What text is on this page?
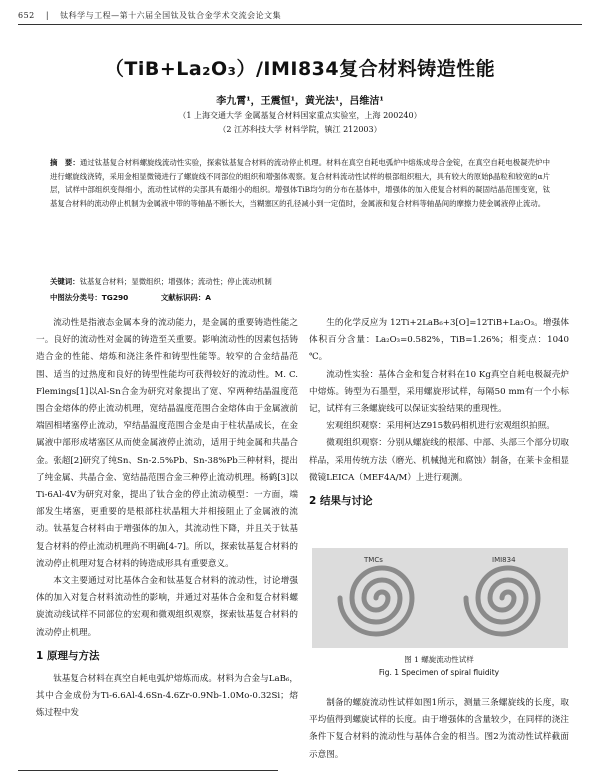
652 | 钛科学与工程—第十六届全国钛及钛合金学术交流会论文集
（TiB+La₂O₃）/IMI834复合材料铸造性能
李九霄¹，王震恒¹，黄光法¹，吕维洁¹
（1 上海交通大学 金属基复合材料国家重点实验室，上海 200240）
（2 江苏科技大学 材料学院，镇江 212003）
摘　要：通过钛基复合材料螺旋线流动性实验，探索钛基复合材料的流动停止机理。材料在真空自耗电弧炉中熔炼成母合金锭，在真空自耗电极凝壳炉中进行螺旋线浇铸，采用金相显微镜进行了螺旋线不同部位的组织和增强体观察。复合材料流动性试样的根部组织粗大，具有较大的原始β晶粒和较宽的α片层，试样中部组织变得细小，流动性试样的尖部具有最细小的组织。增强体TiB均匀的分布在基体中，增强体的加入使复合材料的凝固结晶范围变宽，钛基复合材料的流动停止机制为金属液中带的等轴晶不断长大，当糊塞区的孔径减小到一定值时，金属液和复合材料等轴晶间的摩擦力使金属液停止流动。
关键词：钛基复合材料；显微组织；增强体；流动性；停止流动机制
中图法分类号：TG290	文献标识码：A

流动性是指液态金属本身的流动能力，是金属的重要铸造性能之一。良好的流动性对金属的铸造至关重要。影响流动性的因素包括铸造合金的性能、熔炼和浇注条件和铸型性能等。较窄的合金结晶范围、适当的过热度和良好的铸型性能均可获得较好的流动性。M. C. Flemings[1]以Al-Sn合金为研究对象提出了宽、窄两种结晶温度范围合金熔体的停止流动机理，宽结晶温度范围合金熔体由于金属液前端固相堵塞停止流动，窄结晶温度范围合金是由于柱状晶成长，在金属液中部形成堵塞区从而使金属液停止流动，适用于纯金属和共晶合金。张超[2]研究了纯Sn、Sn-2.5%Pb、Sn-38%Pb三种材料，提出了纯金属、共晶合金、宽结晶范围合金三种停止流动机理。杨鹤[3]以Ti-6Al-4V为研究对象，提出了钛合金的停止流动模型：一方面，端部发生堵塞，更重要的是根部柱状晶粗大并相接阻止了金属液的流动。钛基复合材料由于增强体的加入，其流动性下降，并且关于钛基复合材料的停止流动机理尚不明确[4-7]。所以，探索钛基复合材料的流动停止机理对复合材料的铸造成形具有重要意义。

本文主要通过对比基体合金和钛基复合材料的流动性，讨论增强体的加入对复合材料流动性的影响，并通过对基体合金和复合材料螺旋流动线试样不同部位的宏观和微观组织观察，探索钛基复合材料的流动停止机理。

1 原理与方法

钛基复合材料在真空自耗电弧炉熔炼而成。材料为合金与LaB₆，其中合金成份为Ti-6.6Al-4.6Sn-4.6Zr-0.9Nb-1.0Mo-0.32Si；熔炼过程中发

生的化学反应为 12Ti+2LaB₆+3[O]=12TiB+La₂O₃。增强体体积百分含量：La₂O₃=0.582%，TiB=1.26%；相变点：1040 ℃。

流动性实验：基体合金和复合材料在10 Kg真空自耗电极凝壳炉中熔炼。铸型为石墨型，采用螺旋形试样，每隔50 mm有一个小标记，试样有三条螺旋线可以保证实验结果的重现性。

宏观组织观察：采用柯达Z915数码相机进行宏观组织拍照。

微观组织观察：分别从螺旋线的根部、中部、头部三个部分切取样品，采用传统方法（磨光、机械抛光和腐蚀）制备，在莱卡金相显微镜LEICA（MEF4A/M）上进行观测。

2 结果与讨论
TMCs	IMI834
图 1 螺旋流动性试样
Fig. 1 Specimen of spiral fluidity

制备的螺旋流动性试样如图1所示，测量三条螺旋线的长度，取平均值得到螺旋试样的长度。由于增强体的含量较少，在同样的浇注条件下复合材料的流动性与基体合金的相当。图2为流动性试样截面示意图。
